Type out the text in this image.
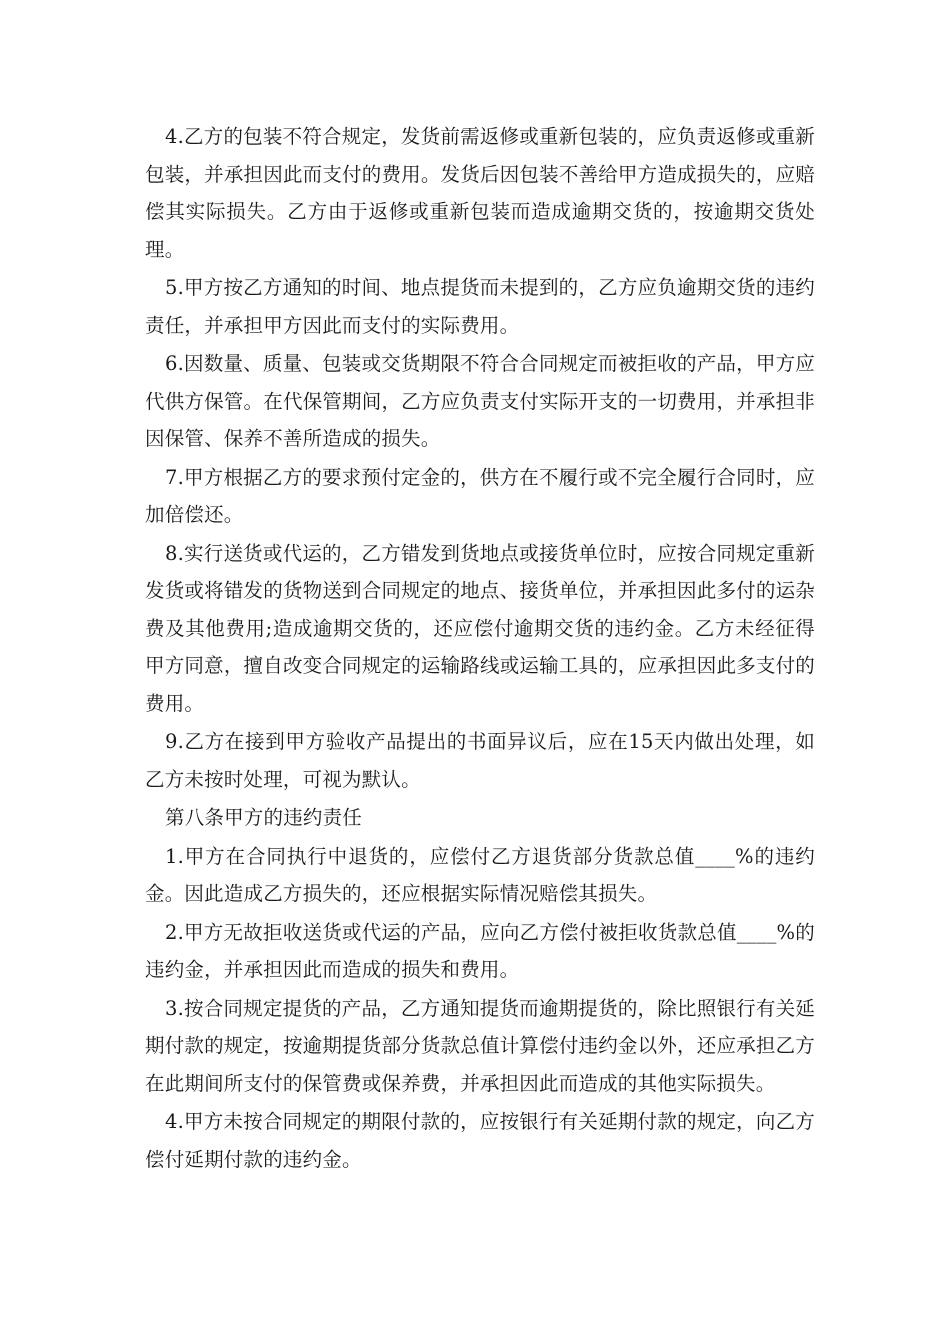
4.乙方的包装不符合规定，发货前需返修或重新包装的，应负责返修或重新包装，并承担因此而支付的费用。发货后因包装不善给甲方造成损失的，应赔偿其实际损失。乙方由于返修或重新包装而造成逾期交货的，按逾期交货处理。

5.甲方按乙方通知的时间、地点提货而未提到的，乙方应负逾期交货的违约责任，并承担甲方因此而支付的实际费用。

6.因数量、质量、包装或交货期限不符合合同规定而被拒收的产品，甲方应代供方保管。在代保管期间，乙方应负责支付实际开支的一切费用，并承担非因保管、保养不善所造成的损失。

7.甲方根据乙方的要求预付定金的，供方在不履行或不完全履行合同时，应加倍偿还。

8.实行送货或代运的，乙方错发到货地点或接货单位时，应按合同规定重新发货或将错发的货物送到合同规定的地点、接货单位，并承担因此多付的运杂费及其他费用;造成逾期交货的，还应偿付逾期交货的违约金。乙方未经征得甲方同意，擅自改变合同规定的运输路线或运输工具的，应承担因此多支付的费用。

9.乙方在接到甲方验收产品提出的书面异议后，应在15天内做出处理，如乙方未按时处理，可视为默认。

第八条甲方的违约责任

1.甲方在合同执行中退货的，应偿付乙方退货部分货款总值____%的违约金。因此造成乙方损失的，还应根据实际情况赔偿其损失。

2.甲方无故拒收送货或代运的产品，应向乙方偿付被拒收货款总值____%的违约金，并承担因此而造成的损失和费用。

3.按合同规定提货的产品，乙方通知提货而逾期提货的，除比照银行有关延期付款的规定，按逾期提货部分货款总值计算偿付违约金以外，还应承担乙方在此期间所支付的保管费或保养费，并承担因此而造成的其他实际损失。

4.甲方未按合同规定的期限付款的，应按银行有关延期付款的规定，向乙方偿付延期付款的违约金。
